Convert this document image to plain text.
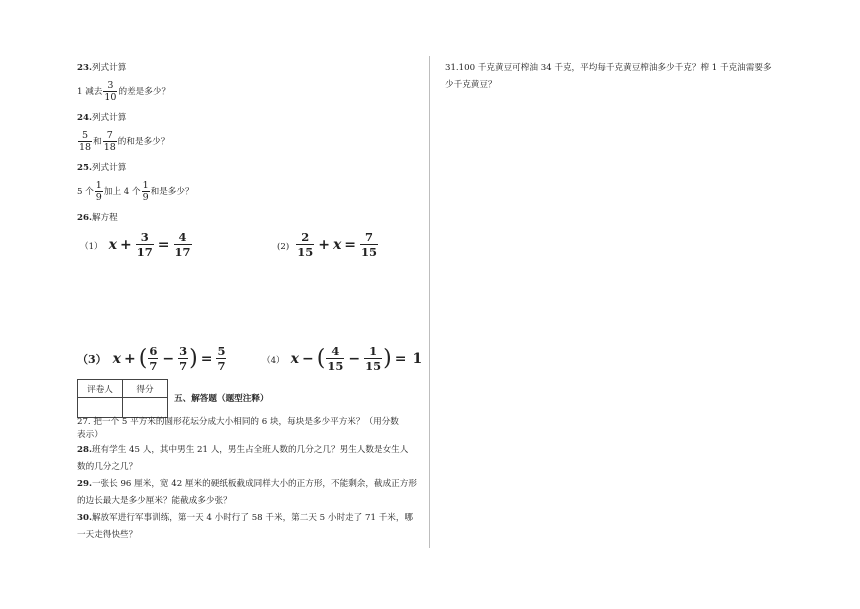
23.列式计算
1 减去 $\frac{3}{10}$ 的差是多少？
24.列式计算
$\frac{5}{18}$ 和 $\frac{7}{18}$ 的和是多少？
25.列式计算
5 个 $\frac{1}{9}$ 加上 4 个 $\frac{1}{9}$ 和是多少？
26.解方程
（1） $x + \frac{3}{17} = \frac{4}{17}$	$(2) \frac{2}{15} + x = \frac{7}{15}$
（3） x + ( $\frac{6}{7} - \frac{3}{7}$ ) = $\frac{5}{7}$	（4） x − ( $\frac{4}{15} - \frac{1}{15}$ ) = 1
评卷人	得分

五、解答题（题型注释）
27. 把一个 5 平方米的圆形花坛分成大小相同的 6 块，每块是多少平方米？（用分数
表示）
28.班有学生 45 人，其中男生 21 人，男生占全班人数的几分之几？男生人数是女生人
数的几分之几？
29.一张长 96 厘米，宽 42 厘米的硬纸板截成同样大小的正方形，不能剩余，截成正方形
的边长最大是多少厘米？能截成多少张？
30.解放军进行军事训练，第一天 4 小时行了 58 千米，第二天 5 小时走了 71 千米，哪
一天走得快些？
31.100 千克黄豆可榨油 34 千克，平均每千克黄豆榨油多少千克？榨 1 千克油需要多
少千克黄豆？
